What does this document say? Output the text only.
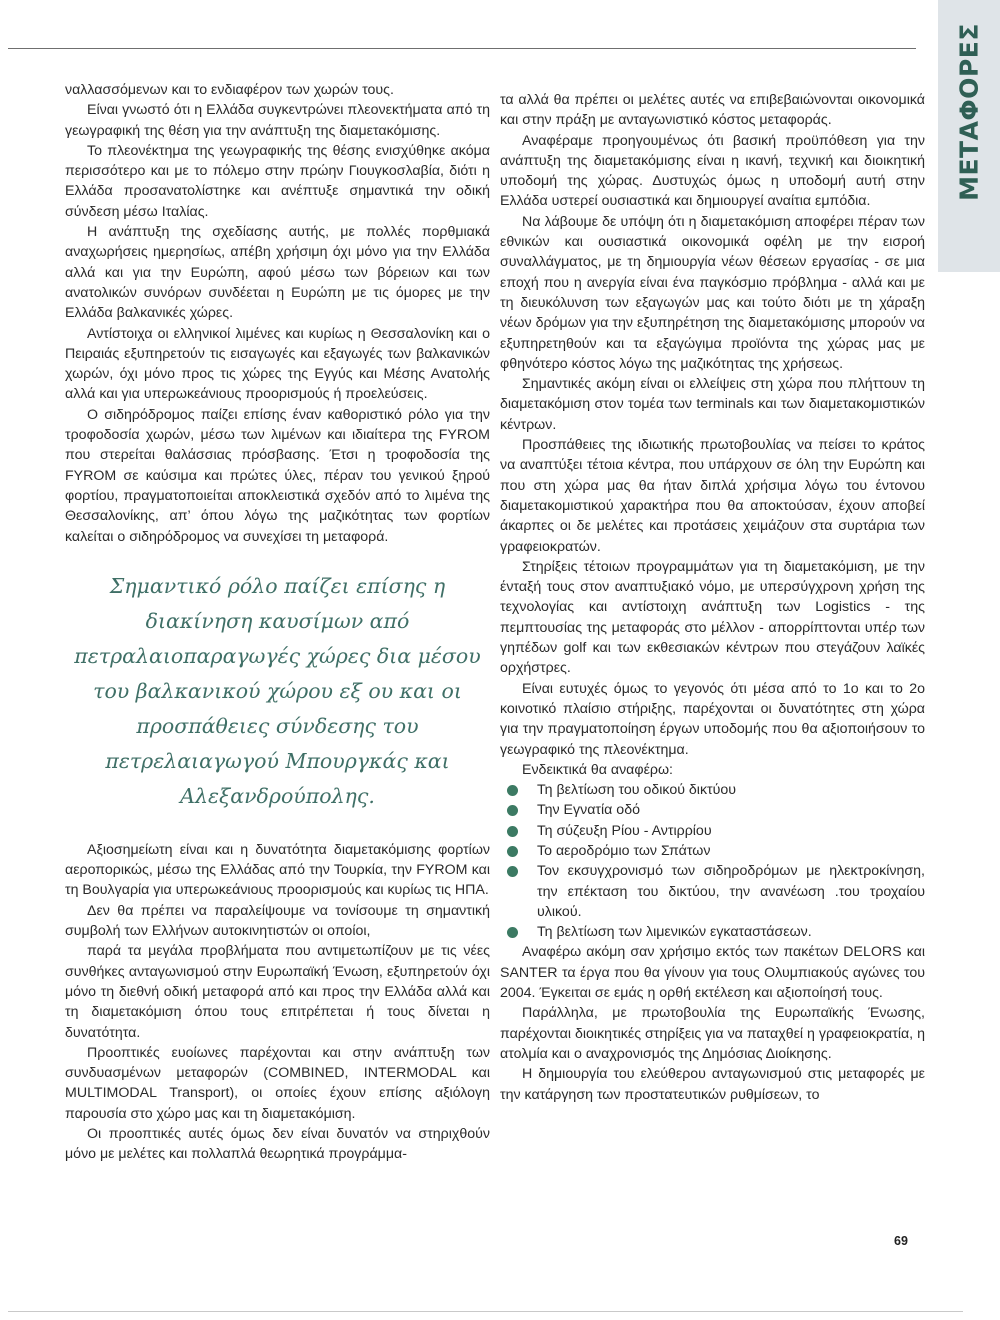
ΜΕΤΑΦΟΡΕΣ

ναλλασσόμενων και το ενδιαφέρον των χωρών τους.

Είναι γνωστό ότι η Ελλάδα συγκεντρώνει πλεονεκτήματα από τη γεωγραφική της θέση για την ανάπτυξη της διαμετακόμισης.

Το πλεονέκτημα της γεωγραφικής της θέσης ενισχύθηκε ακόμα περισσότερο και με το πόλεμο στην πρώην Γιουγκοσλαβία, διότι η Ελλάδα προσανατολίστηκε και ανέπτυξε σημαντικά την οδική σύνδεση μέσω Ιταλίας.

Η ανάπτυξη της σχεδίασης αυτής, με πολλές πορθμιακά αναχωρήσεις ημερησίως, απέβη χρήσιμη όχι μόνο για την Ελλάδα αλλά και για την Ευρώπη, αφού μέσω των βόρειων και των ανατολικών συνόρων συνδέεται η Ευρώπη με τις όμορες με την Ελλάδα βαλκανικές χώρες.

Αντίστοιχα οι ελληνικοί λιμένες και κυρίως η Θεσσαλονίκη και ο Πειραιάς εξυπηρετούν τις εισαγωγές και εξαγωγές των βαλκανικών χωρών, όχι μόνο προς τις χώρες της Εγγύς και Μέσης Ανατολής αλλά και για υπερωκεάνιους προορισμούς ή προελεύσεις.

Ο σιδηρόδρομος παίζει επίσης έναν καθοριστικό ρόλο για την τροφοδοσία χωρών, μέσω των λιμένων και ιδιαίτερα της FYROM που στερείται θαλάσσιας πρόσβασης. Έτσι η τροφοδοσία της FYROM σε καύσιμα και πρώτες ύλες, πέραν του γενικού ξηρού φορτίου, πραγματοποιείται αποκλειστικά σχεδόν από το λιμένα της Θεσσαλονίκης, απ’ όπου λόγω της μαζικότητας των φορτίων καλείται ο σιδηρόδρομος να συνεχίσει τη μεταφορά.

Σημαντικό ρόλο παίζει επίσης η διακίνηση καυσίμων από πετραλαιοπαραγωγές χώρες δια μέσου του βαλκανικού χώρου εξ ου και οι προσπάθειες σύνδεσης του πετρελαιαγωγού Μπουργκάς και Αλεξανδρούπολης.

Αξιοσημείωτη είναι και η δυνατότητα διαμετακόμισης φορτίων αεροπορικώς, μέσω της Ελλάδας από την Τουρκία, την FYROM και τη Βουλγαρία για υπερωκεάνιους προορισμούς και κυρίως τις ΗΠΑ.

Δεν θα πρέπει να παραλείψουμε να τονίσουμε τη σημαντική συμβολή των Ελλήνων αυτοκινητιστών οι οποίοι,

παρά τα μεγάλα προβλήματα που αντιμετωπίζουν με τις νέες συνθήκες ανταγωνισμού στην Ευρωπαϊκή Ένωση, εξυπηρετούν όχι μόνο τη διεθνή οδική μεταφορά από και προς την Ελλάδα αλλά και τη διαμετακόμιση όπου τους επιτρέπεται ή τους δίνεται η δυνατότητα.

Προοπτικές ευοίωνες παρέχονται και στην ανάπτυξη των συνδυασμένων μεταφορών (COMBINED, INTERMODAL και MULTIMODAL Transport), οι οποίες έχουν επίσης αξιόλογη παρουσία στο χώρο μας και τη διαμετακόμιση.

Οι προοπτικές αυτές όμως δεν είναι δυνατόν να στηριχθούν μόνο με μελέτες και πολλαπλά θεωρητικά προγράμμα-

τα αλλά θα πρέπει οι μελέτες αυτές να επιβεβαιώνονται οικονομικά και στην πράξη με ανταγωνιστικό κόστος μεταφοράς.

Αναφέραμε προηγουμένως ότι βασική προϋπόθεση για την ανάπτυξη της διαμετακόμισης είναι η ικανή, τεχνική και διοικητική υποδομή της χώρας. Δυστυχώς όμως η υποδομή αυτή στην Ελλάδα υστερεί ουσιαστικά και δημιουργεί αναίτια εμπόδια.

Να λάβουμε δε υπόψη ότι η διαμετακόμιση αποφέρει πέραν των εθνικών και ουσιαστικά οικονομικά οφέλη με την εισροή συναλλάγματος, με τη δημιουργία νέων θέσεων εργασίας - σε μια εποχή που η ανεργία είναι ένα παγκόσμιο πρόβλημα - αλλά και με τη διευκόλυνση των εξαγωγών μας και τούτο διότι με τη χάραξη νέων δρόμων για την εξυπηρέτηση της διαμετακόμισης μπορούν να εξυπηρετηθούν και τα εξαγώγιμα προϊόντα της χώρας μας με φθηνότερο κόστος λόγω της μαζικότητας της χρήσεως.

Σημαντικές ακόμη είναι οι ελλείψεις στη χώρα που πλήττουν τη διαμετακόμιση στον τομέα των terminals και των διαμετακομιστικών κέντρων.

Προσπάθειες της ιδιωτικής πρωτοβουλίας να πείσει το κράτος να αναπτύξει τέτοια κέντρα, που υπάρχουν σε όλη την Ευρώπη και που στη χώρα μας θα ήταν διπλά χρήσιμα λόγω του έντονου διαμετακομιστικού χαρακτήρα που θα αποκτούσαν, έχουν αποβεί άκαρπες οι δε μελέτες και προτάσεις χειμάζουν στα συρτάρια των γραφειοκρατών.

Στηρίξεις τέτοιων προγραμμάτων για τη διαμετακόμιση, με την ένταξή τους στον αναπτυξιακό νόμο, με υπερσύγχρονη χρήση της τεχνολογίας και αντίστοιχη ανάπτυξη των Logistics - της πεμπτουσίας της μεταφοράς στο μέλλον - απορρίπτονται υπέρ των γηπέδων golf και των εκθεσιακών κέντρων που στεγάζουν λαϊκές ορχήστρες.

Είναι ευτυχές όμως το γεγονός ότι μέσα από το 1ο και το 2ο κοινοτικό πλαίσιο στήριξης, παρέχονται οι δυνατότητες στη χώρα για την πραγματοποίηση έργων υποδομής που θα αξιοποιήσουν το γεωγραφικό της πλεονέκτημα.

Ενδεικτικά θα αναφέρω:

Τη βελτίωση του οδικού δικτύου
Την Εγνατία οδό
Τη σύζευξη Ρίου - Αντιρρίου
Το αεροδρόμιο των Σπάτων
Τον εκσυγχρονισμό των σιδηροδρόμων με ηλεκτροκίνηση, την επέκταση του δικτύου, την ανανέωση .του τροχαίου υλικού.
Τη βελτίωση των λιμενικών εγκαταστάσεων.

Αναφέρω ακόμη σαν χρήσιμο εκτός των πακέτων DELORS και SANTER τα έργα που θα γίνουν για τους Ολυμπιακούς αγώνες του 2004. Έγκειται σε εμάς η ορθή εκτέλεση και αξιοποίησή τους.

Παράλληλα, με πρωτοβουλία της Ευρωπαϊκής Ένωσης, παρέχονται διοικητικές στηρίξεις για να παταχθεί η γραφειοκρατία, η ατολμία και ο αναχρονισμός της Δημόσιας Διοίκησης.

Η δημιουργία του ελεύθερου ανταγωνισμού στις μεταφορές με την κατάργηση των προστατευτικών ρυθμίσεων, το

69
